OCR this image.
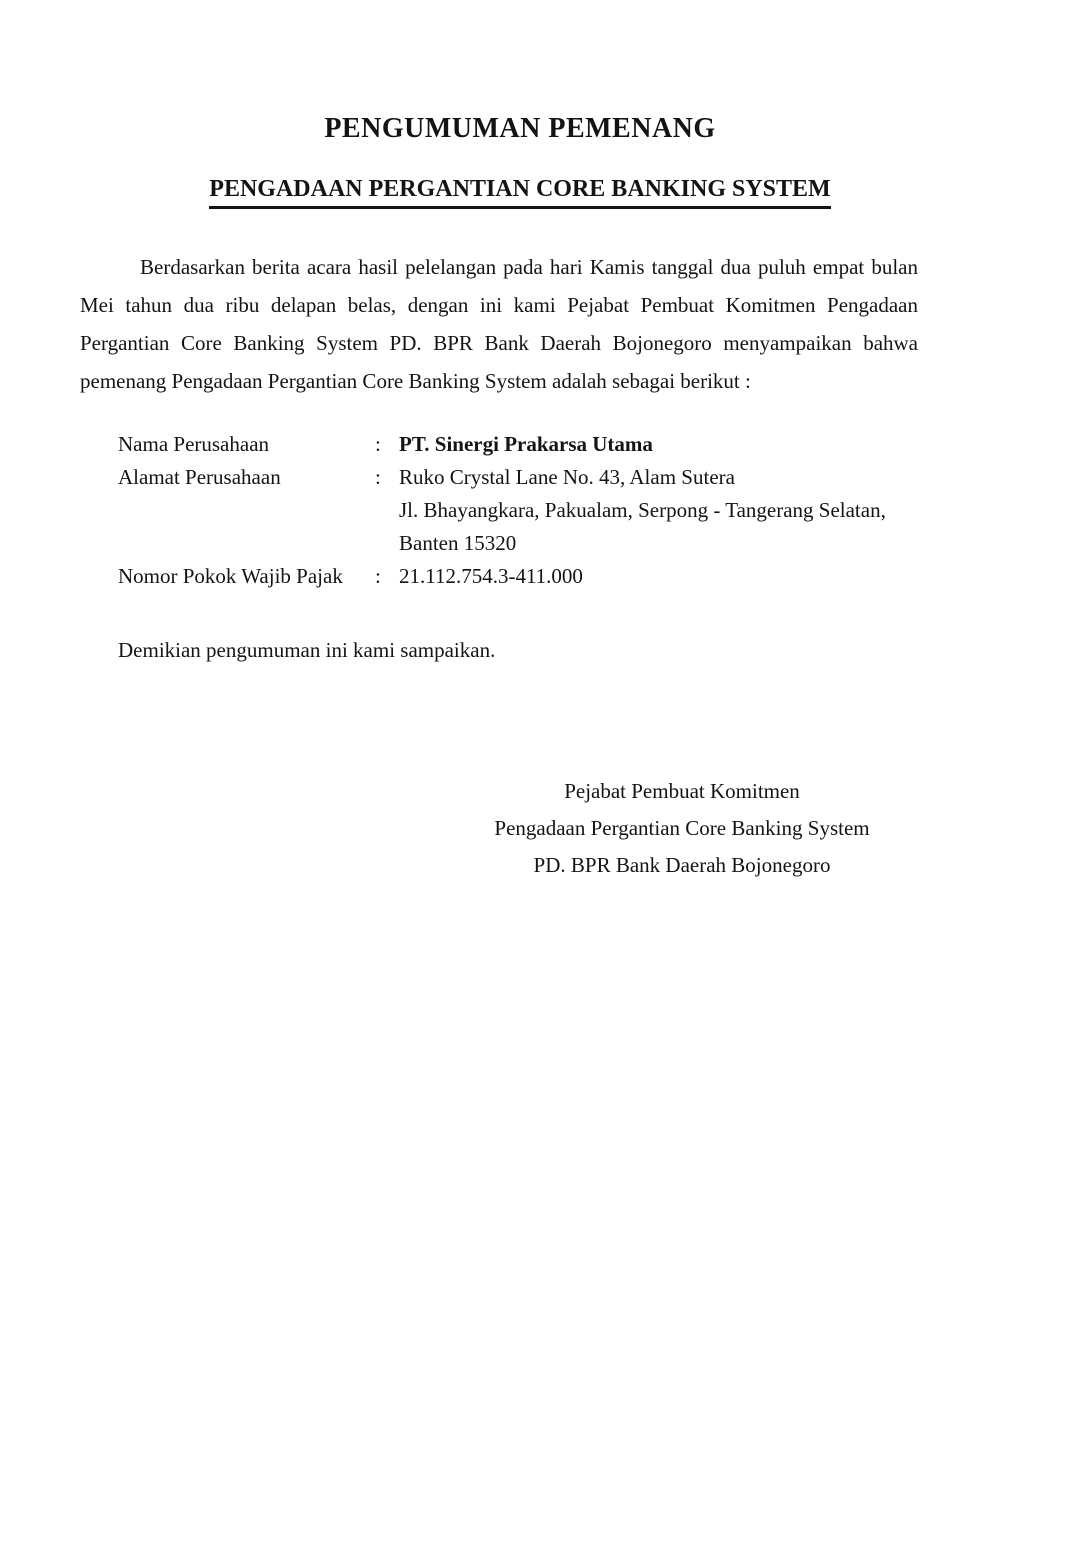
PENGUMUMAN PEMENANG
PENGADAAN PERGANTIAN CORE BANKING SYSTEM

Berdasarkan berita acara hasil pelelangan pada hari Kamis tanggal dua puluh empat bulan Mei tahun dua ribu delapan belas, dengan ini kami Pejabat Pembuat Komitmen Pengadaan Pergantian Core Banking System PD. BPR Bank Daerah Bojonegoro menyampaikan bahwa pemenang Pengadaan Pergantian Core Banking System adalah sebagai berikut :

Nama Perusahaan	: PT. Sinergi Prakarsa Utama
Alamat Perusahaan	: Ruko Crystal Lane No. 43, Alam Sutera
Jl. Bhayangkara, Pakualam, Serpong - Tangerang Selatan,
Banten 15320
Nomor Pokok Wajib Pajak	: 21.112.754.3-411.000
Demikian pengumuman ini kami sampaikan.
Pejabat Pembuat Komitmen
Pengadaan Pergantian Core Banking System
PD. BPR Bank Daerah Bojonegoro
